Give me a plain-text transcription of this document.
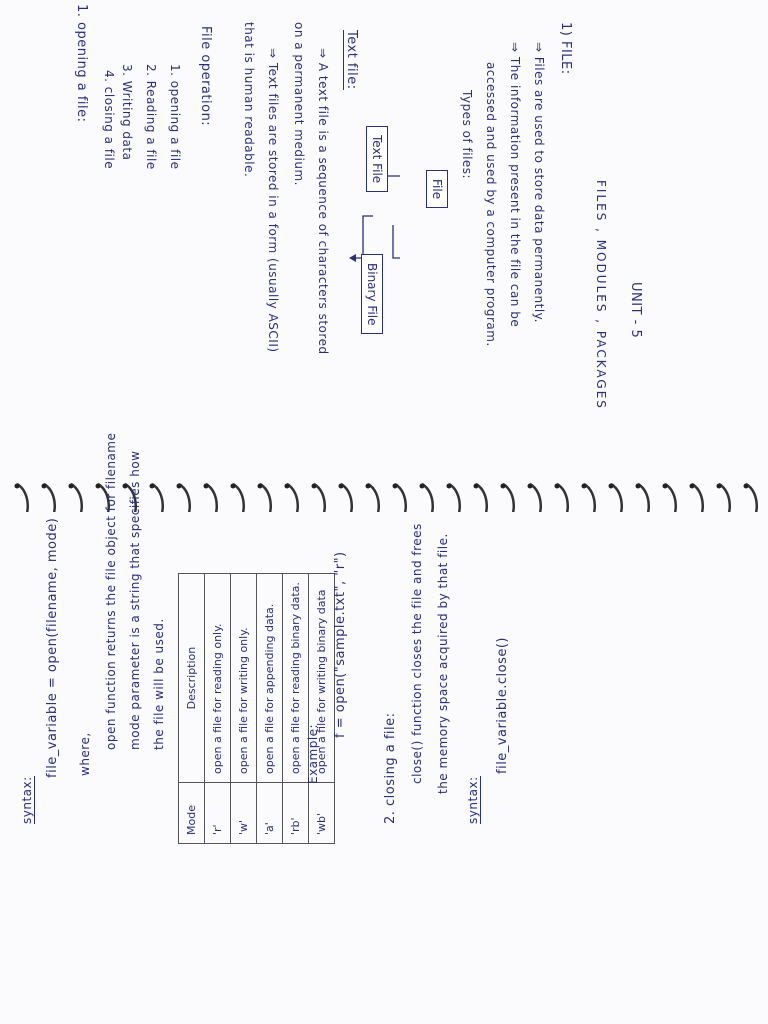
UNIT - 5
FILES , MODULES , PACKAGES
1) FILE:
⇒ Files are used to store data permanently.
⇒ The information present in the file can be
accessed and used by a computer program.
Types of files:
Text File
File
Binary File
Text file:
⇒ A text file is a sequence of characters stored
on a permanent medium.
⇒ Text files are stored in a form (usually ASCII)
that is human readable.
File operation:
1. opening a file
2. Reading a file
3. Writing data
4. closing a file
1. opening a file:
syntax:
file_variable = open(filename, mode) where,
open function returns the file object for filename mode parameter is a string that specifies how the file will be used.
Mode	Description
'r'	open a file for reading only.
'w'	open a file for writing only.
'a'	open a file for appending data.
'rb'	open a file for reading binary data.
'wb'	open a file for writing binary data
Example:
f = open("sample.txt", "r")
2. closing a file: close() function closes the file and frees the memory space acquired by that file.
syntax:
file_variable.close()
